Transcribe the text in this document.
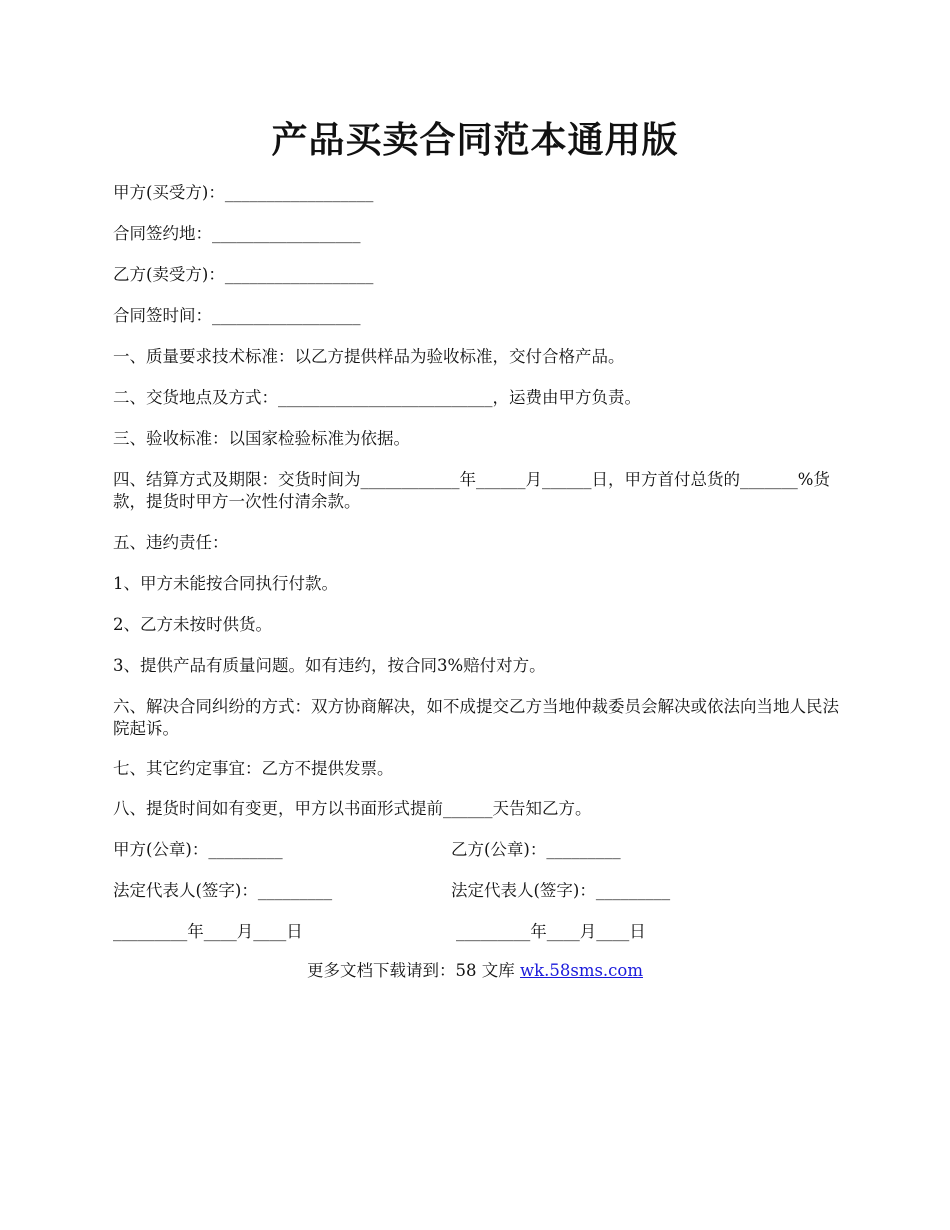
产品买卖合同范本通用版
甲方(买受方)：__________________
合同签约地：__________________
乙方(卖受方)：__________________
合同签时间：__________________
一、质量要求技术标准：以乙方提供样品为验收标准，交付合格产品。
二、交货地点及方式：__________________________，运费由甲方负责。
三、验收标准：以国家检验标准为依据。
四、结算方式及期限：交货时间为____________年______月______日，甲方首付总货的_______%货款，提货时甲方一次性付清余款。
五、违约责任：
1、甲方未能按合同执行付款。
2、乙方未按时供货。
3、提供产品有质量问题。如有违约，按合同3%赔付对方。
六、解决合同纠纷的方式：双方协商解决，如不成提交乙方当地仲裁委员会解决或依法向当地人民法院起诉。
七、其它约定事宜：乙方不提供发票。
八、提货时间如有变更，甲方以书面形式提前______天告知乙方。
甲方(公章)：_________	乙方(公章)：_________
法定代表人(签字)：_________	法定代表人(签字)：_________
_________年____月____日	_________年____月____日
更多文档下载请到：58 文库 wk.58sms.com
